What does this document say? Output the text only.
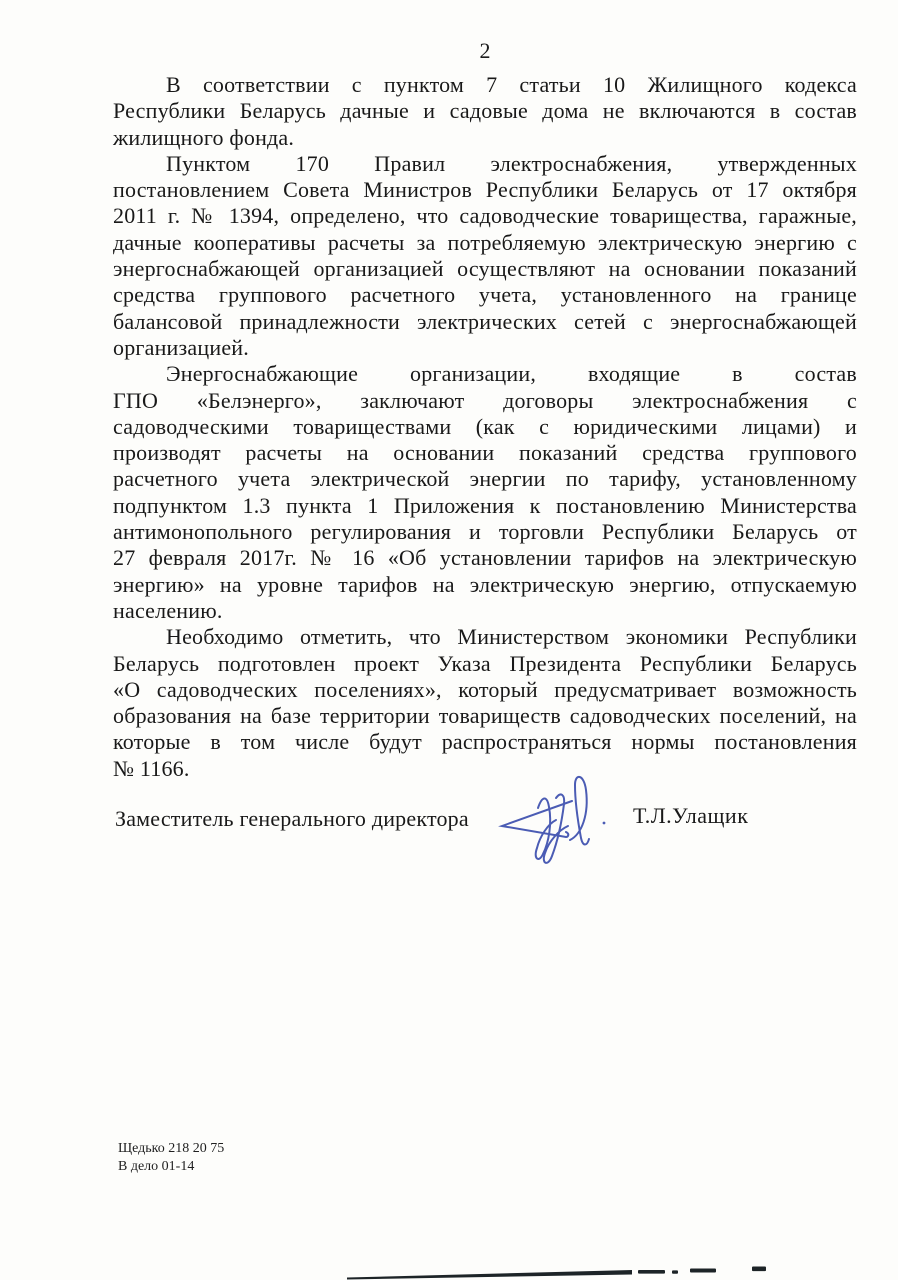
2
В соответствии с пунктом 7 статьи 10 Жилищного кодекса
Республики Беларусь дачные и садовые дома не включаются в состав
жилищного фонда.
Пунктом 170 Правил электроснабжения, утвержденных
постановлением Совета Министров Республики Беларусь от 17 октября
2011 г. № 1394, определено, что садоводческие товарищества, гаражные,
дачные кооперативы расчеты за потребляемую электрическую энергию с
энергоснабжающей организацией осуществляют на основании показаний
средства группового расчетного учета, установленного на границе
балансовой принадлежности электрических сетей с энергоснабжающей
организацией.
Энергоснабжающие организации, входящие в состав
ГПО «Белэнерго», заключают договоры электроснабжения с
садоводческими товариществами (как с юридическими лицами) и
производят расчеты на основании показаний средства группового
расчетного учета электрической энергии по тарифу, установленному
подпунктом 1.3 пункта 1 Приложения к постановлению Министерства
антимонопольного регулирования и торговли Республики Беларусь от
27 февраля 2017г. № 16 «Об установлении тарифов на электрическую
энергию» на уровне тарифов на электрическую энергию, отпускаемую
населению.
Необходимо отметить, что Министерством экономики Республики
Беларусь подготовлен проект Указа Президента Республики Беларусь
«О садоводческих поселениях», который предусматривает возможность
образования на базе территории товариществ садоводческих поселений, на
которые в том числе будут распространяться нормы постановления
№ 1166.
Заместитель генерального директора	Т.Л.Улащик
Щедько 218 20 75
В дело 01-14
